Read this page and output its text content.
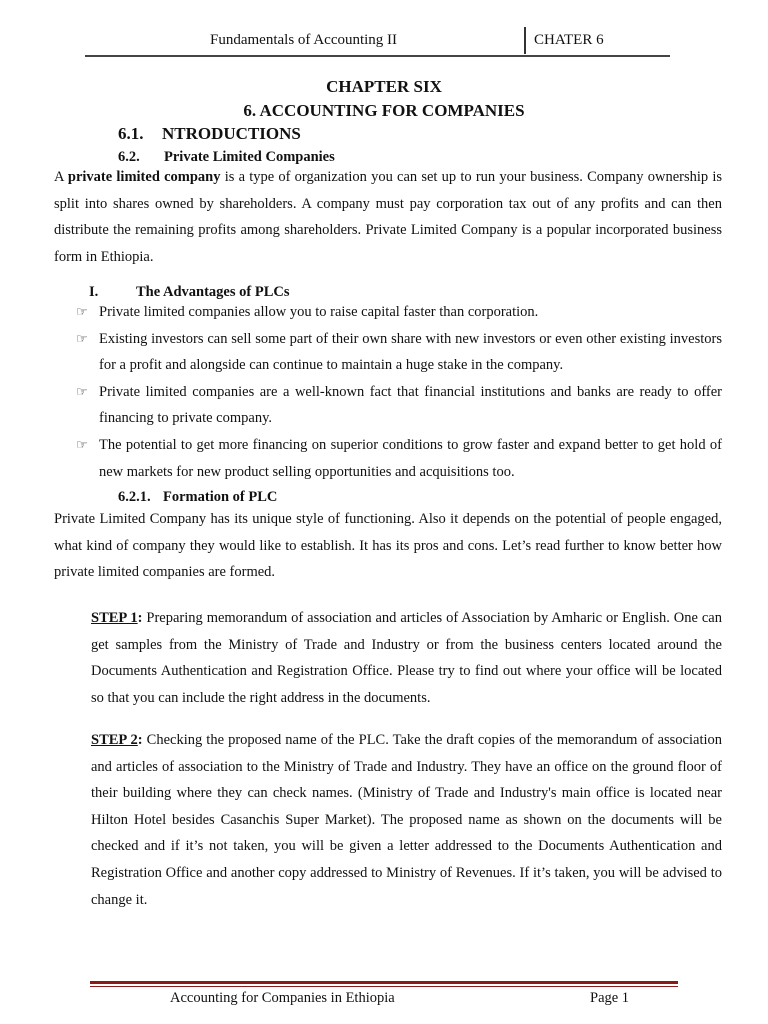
Fundamentals of Accounting II	CHATER 6
CHAPTER SIX
6. ACCOUNTING FOR COMPANIES
6.1. NTRODUCTIONS
6.2. Private Limited Companies

A private limited company is a type of organization you can set up to run your business. Company ownership is split into shares owned by shareholders. A company must pay corporation tax out of any profits and can then distribute the remaining profits among shareholders. Private Limited Company is a popular incorporated business form in Ethiopia.

I.	The Advantages of PLCs
☞ Private limited companies allow you to raise capital faster than corporation.
☞ Existing investors can sell some part of their own share with new investors or even other existing investors for a profit and alongside can continue to maintain a huge stake in the company.
☞ Private limited companies are a well-known fact that financial institutions and banks are ready to offer financing to private company.
☞ The potential to get more financing on superior conditions to grow faster and expand better to get hold of new markets for new product selling opportunities and acquisitions too.
6.2.1. Formation of PLC

Private Limited Company has its unique style of functioning. Also it depends on the potential of people engaged, what kind of company they would like to establish. It has its pros and cons. Let’s read further to know better how private limited companies are formed.

STEP 1: Preparing memorandum of association and articles of Association by Amharic or English. One can get samples from the Ministry of Trade and Industry or from the business centers located around the Documents Authentication and Registration Office. Please try to find out where your office will be located so that you can include the right address in the documents.

STEP 2: Checking the proposed name of the PLC. Take the draft copies of the memorandum of association and articles of association to the Ministry of Trade and Industry. They have an office on the ground floor of their building where they can check names. (Ministry of Trade and Industry's main office is located near Hilton Hotel besides Casanchis Super Market). The proposed name as shown on the documents will be checked and if it’s not taken, you will be given a letter addressed to the Documents Authentication and Registration Office and another copy addressed to Ministry of Revenues. If it’s taken, you will be advised to change it.

Accounting for Companies in Ethiopia	Page 1
